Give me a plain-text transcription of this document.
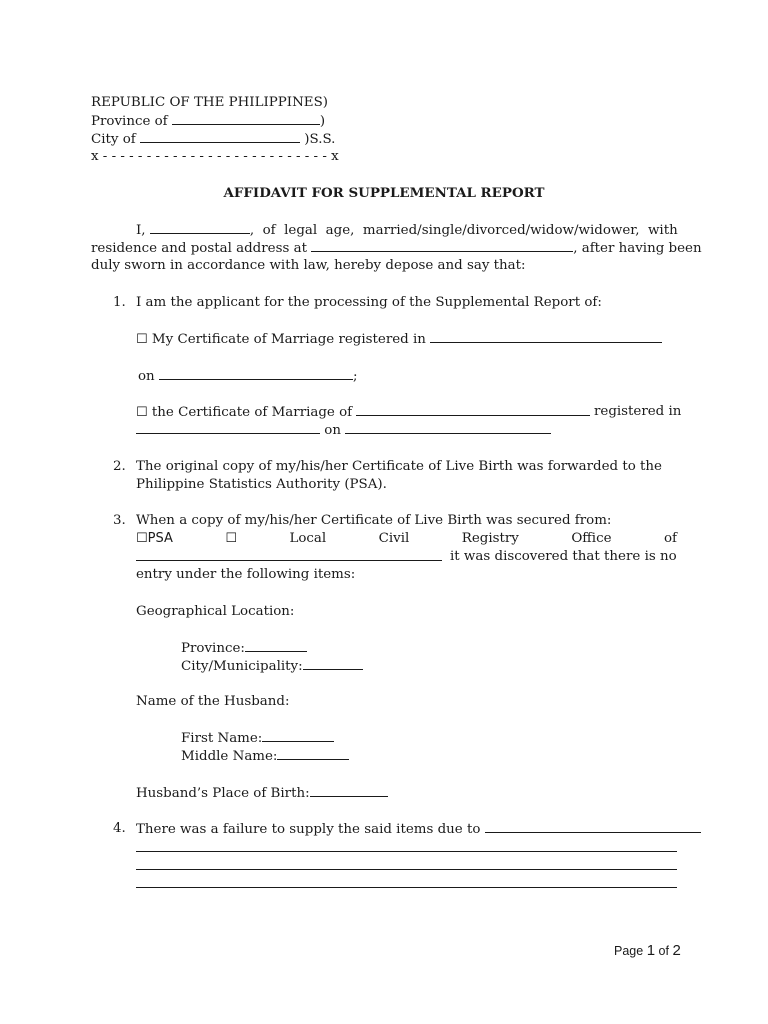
REPUBLIC OF THE PHILIPPINES)
Province of	)
City of	)S.S.
x - - - - - - - - - - - - - - - - - - - - - - - - - - x
AFFIDAVIT FOR SUPPLEMENTAL REPORT
I,	,  of  legal  age,  married/single/divorced/widow/widower,  with
residence and postal address at	, after having been
duly sworn in accordance with law, hereby depose and say that:
1. I am the applicant for the processing of the Supplemental Report of:
☐ My Certificate of Marriage registered in
on	;
☐ the Certificate of Marriage of	registered in
on
2. The original copy of my/his/her Certificate of Live Birth was forwarded to the
Philippine Statistics Authority (PSA).
3. When a copy of my/his/her Certificate of Live Birth was secured from:
☐PSA	☐	Local	Civil	Registry	Office	of
it was discovered that there is no
entry under the following items:
Geographical Location:
Province:
City/Municipality:
Name of the Husband:
First Name:
Middle Name:
Husband’s Place of Birth:
4. There was a failure to supply the said items due to
Page 1 of 2
